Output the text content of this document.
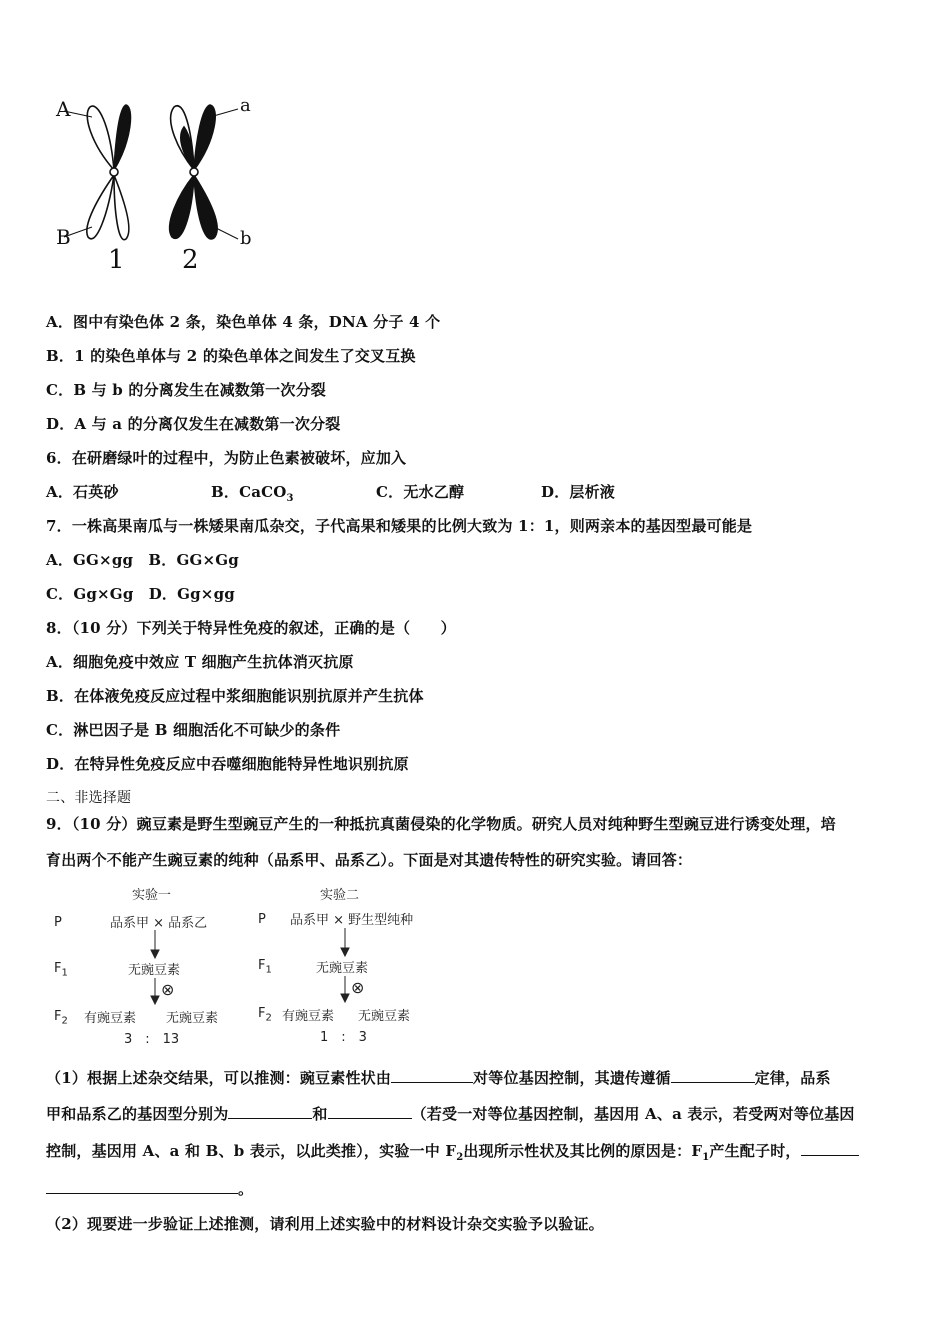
A
B
a
b
1 2
A．图中有染色体 2 条，染色单体 4 条，DNA 分子 4 个
B．1 的染色单体与 2 的染色单体之间发生了交叉互换
C．B 与 b 的分离发生在减数第一次分裂
D．A 与 a 的分离仅发生在减数第一次分裂
6．在研磨绿叶的过程中，为防止色素被破坏，应加入
A．石英砂	B．CaCO$_3$	C．无水乙醇	D．层析液
7．一株高果南瓜与一株矮果南瓜杂交，子代高果和矮果的比例大致为 1：1，则两亲本的基因型最可能是
A．GG×gg　B．GG×Gg
C．Gg×Gg　D．Gg×gg
8．（10 分）下列关于特异性免疫的叙述，正确的是（　　）
A．细胞免疫中效应 T 细胞产生抗体消灭抗原
B．在体液免疫反应过程中浆细胞能识别抗原并产生抗体
C．淋巴因子是 B 细胞活化不可缺少的条件
D．在特异性免疫反应中吞噬细胞能特异性地识别抗原
二、非选择题
9．（10 分）豌豆素是野生型豌豆产生的一种抵抗真菌侵染的化学物质。研究人员对纯种野生型豌豆进行诱变处理，培
育出两个不能产生豌豆素的纯种（品系甲、品系乙）。下面是对其遗传特性的研究实验。请回答：
实验一
P	品系甲 × 品系乙
$F_1$	无豌豆素
⊗
$F_2$ 有豌豆素 无豌豆素
3　:　13
实验二
P 品系甲 × 野生型纯种
$F_1$	无豌豆素
⊗
$F_2$ 有豌豆素 无豌豆素
1　:　3
（1）根据上述杂交结果，可以推测：豌豆素性状由	对等位基因控制，其遗传遵循	定律，品系
甲和品系乙的基因型分别为	和	（若受一对等位基因控制，基因用 A、a 表示，若受两对等位基因
控制，基因用 A、a 和 B、b 表示，以此类推），实验一中 $F_2$出现所示性状及其比例的原因是：$F_1$产生配子时，
。
（2）现要进一步验证上述推测，请利用上述实验中的材料设计杂交实验予以验证。
